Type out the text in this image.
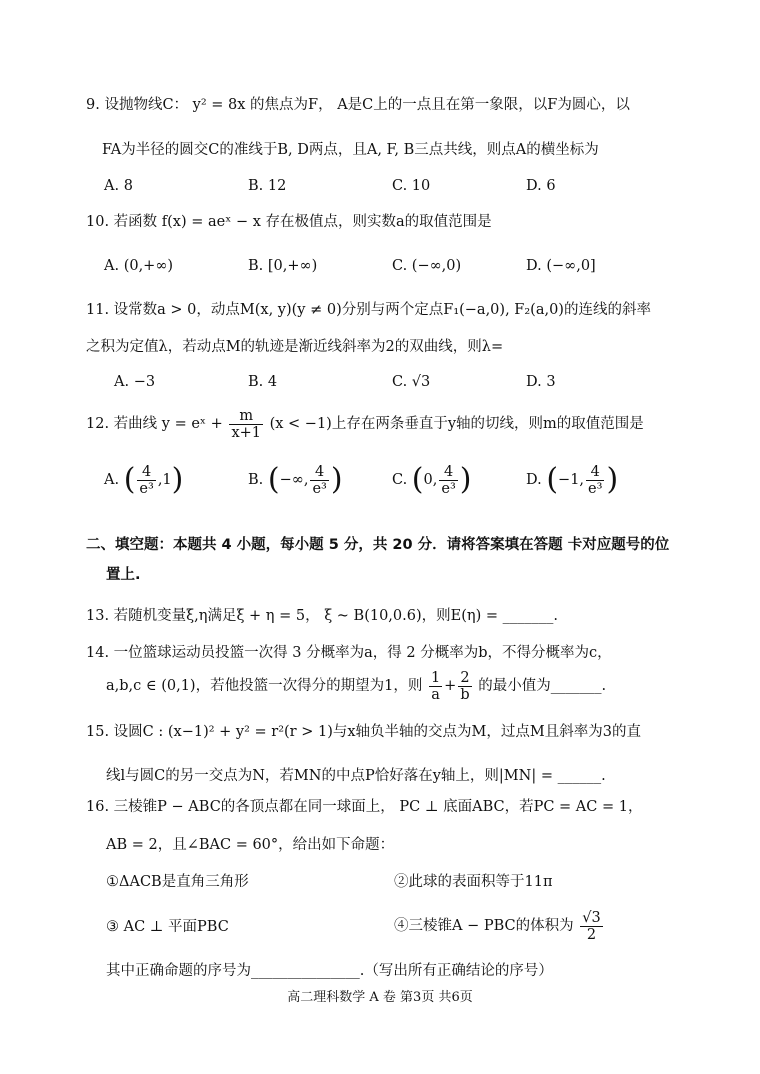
9. 设抛物线C： y² = 8x 的焦点为F， A是C上的一点且在第一象限，以F为圆心，以
FA为半径的圆交C的准线于B, D两点，且A, F, B三点共线，则点A的横坐标为
A. 8	B. 12	C. 10	D. 6
10. 若函数 f(x) = aeˣ − x 存在极值点，则实数a的取值范围是
A. (0,+∞)	B. [0,+∞)	C. (−∞,0)	D. (−∞,0]
11. 设常数a > 0，动点M(x, y)(y ≠ 0)分别与两个定点F₁(−a,0), F₂(a,0)的连线的斜率
之积为定值λ，若动点M的轨迹是渐近线斜率为2的双曲线，则λ=
A. −3	B. 4	C. √3	D. 3
12. 若曲线 y = eˣ + $\frac{m}{x+1} (x < -1)$上存在两条垂直于y轴的切线，则m的取值范围是
A. ( $\frac{4}{\text{e³}} ,1$)	B. (−∞, $\frac{4}{\text{e³}}$ )	C. (0, $\frac{4}{\text{e³}}$ )	D. (−1, $\frac{4}{\text{e³}}$ )
二、填空题：本题共 4 小题，每小题 5 分，共 20 分．请将答案填在答题 卡对应题号的位
置上.
13. 若随机变量ξ,η满足ξ + η = 5， ξ ~ B(10,0.6)，则E(η) = _______.
14. 一位篮球运动员投篮一次得 3 分概率为a，得 2 分概率为b，不得分概率为c，
a,b,c ∈ (0,1)，若他投篮一次得分的期望为1，则 $\frac{1}{a} + \frac{2}{b}$ 的最小值为_______.
15. 设圆C : (x−1)² + y² = r²(r > 1)与x轴负半轴的交点为M，过点M且斜率为3的直
线l与圆C的另一交点为N，若MN的中点P恰好落在y轴上，则|MN| = ______.
16. 三棱锥P − ABC的各顶点都在同一球面上， PC ⊥ 底面ABC，若PC = AC = 1，
AB = 2，且∠BAC = 60°，给出如下命题：
①ΔACB是直角三角形	②此球的表面积等于11π
③ AC ⊥ 平面PBC	④三棱锥A − PBC的体积为 $\frac{√3}{2}$
其中正确命题的序号为_______________.（写出所有正确结论的序号）
高二理科数学 A 卷 第3页 共6页
